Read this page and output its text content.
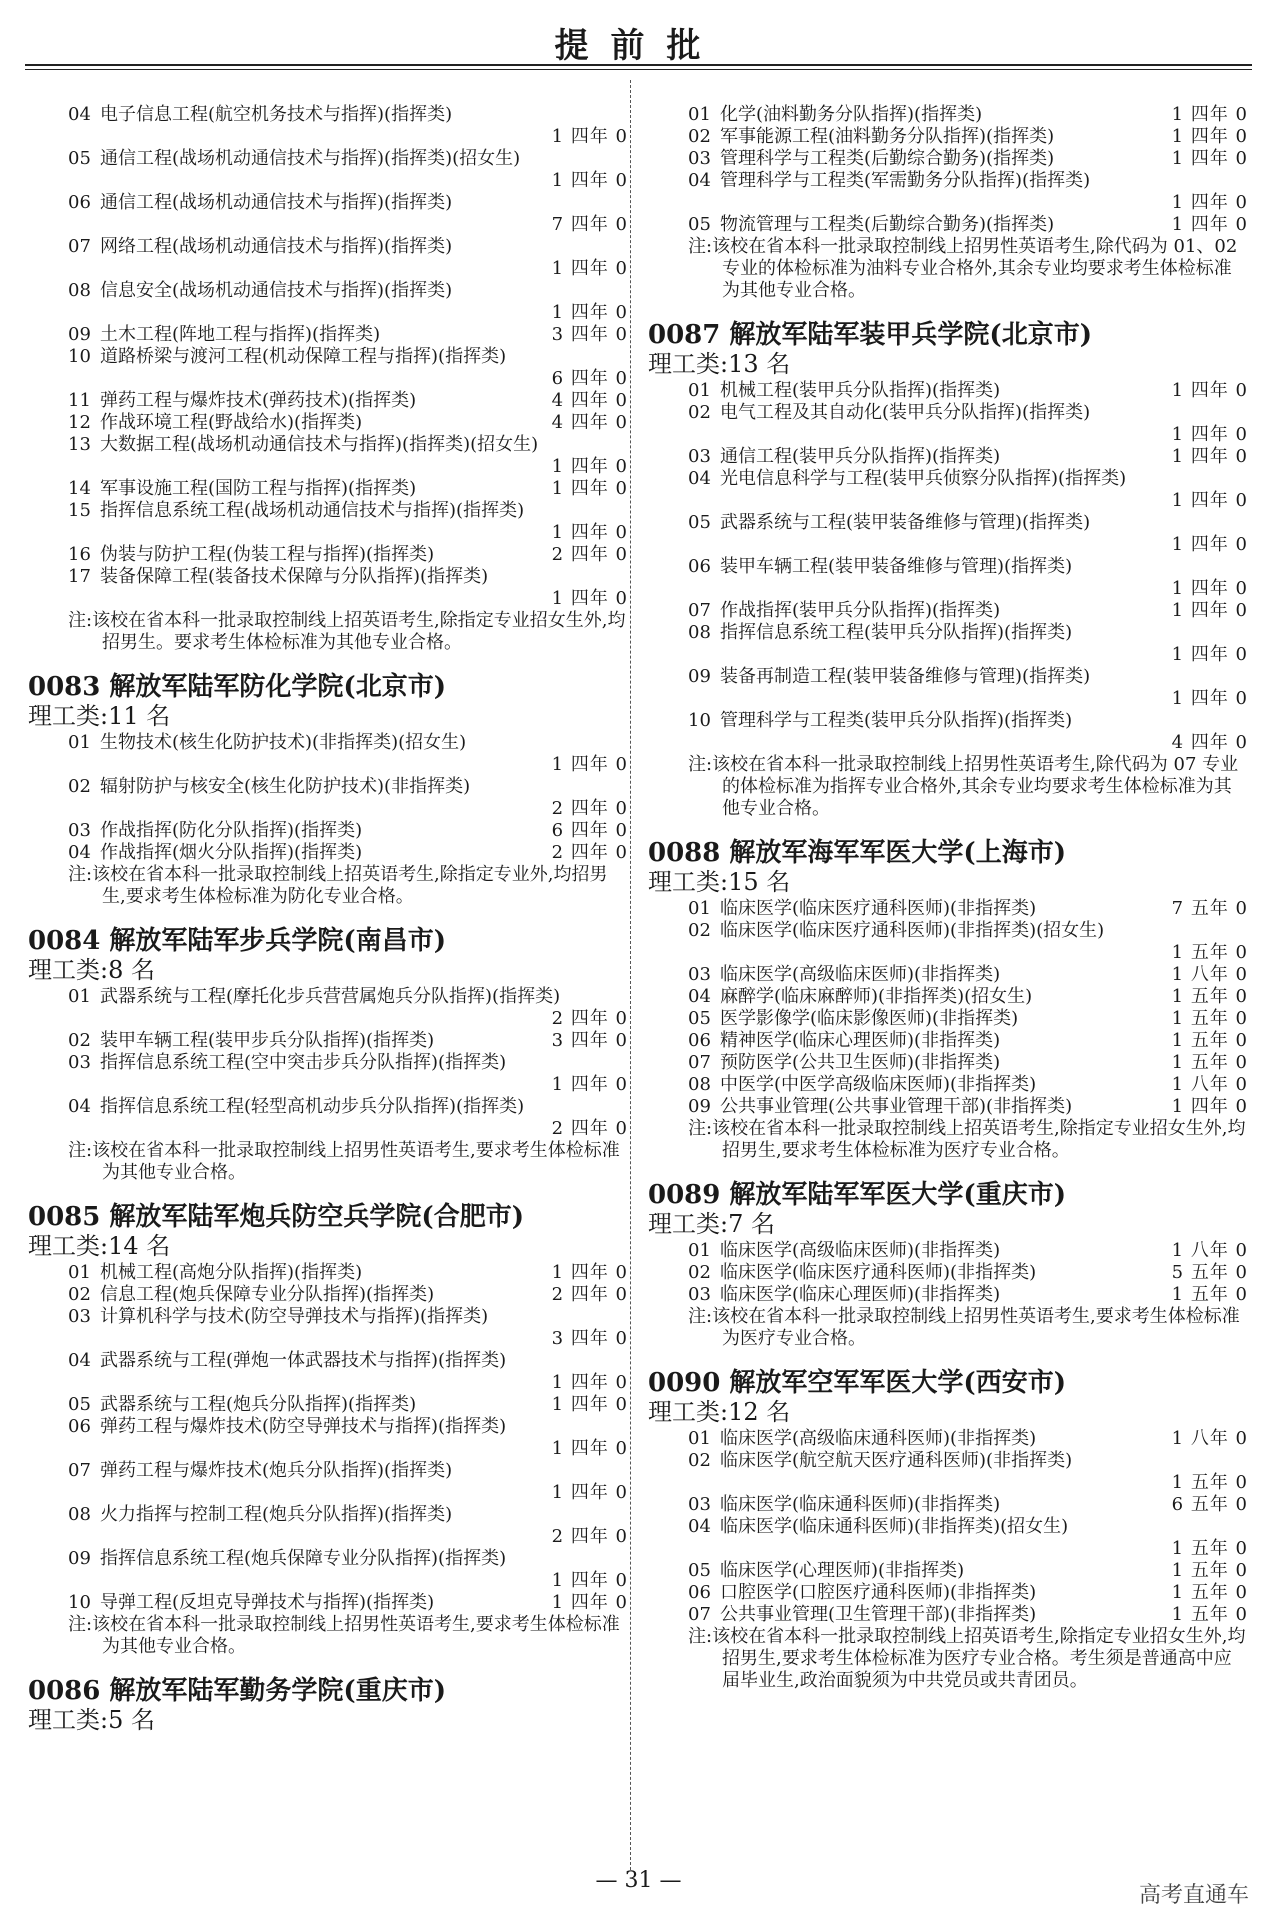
提前批
04 电子信息工程(航空机务技术与指挥)(指挥类)
1 四年 0
05 通信工程(战场机动通信技术与指挥)(指挥类)(招女生)
1 四年 0
06 通信工程(战场机动通信技术与指挥)(指挥类)
7 四年 0
07 网络工程(战场机动通信技术与指挥)(指挥类)
1 四年 0
08 信息安全(战场机动通信技术与指挥)(指挥类)
1 四年 0
09 土木工程(阵地工程与指挥)(指挥类)	3 四年 0
10 道路桥梁与渡河工程(机动保障工程与指挥)(指挥类)
6 四年 0
11 弹药工程与爆炸技术(弹药技术)(指挥类)	4 四年 0
12 作战环境工程(野战给水)(指挥类)	4 四年 0
13 大数据工程(战场机动通信技术与指挥)(指挥类)(招女生)
1 四年 0
14 军事设施工程(国防工程与指挥)(指挥类)	1 四年 0
15 指挥信息系统工程(战场机动通信技术与指挥)(指挥类)
1 四年 0
16 伪装与防护工程(伪装工程与指挥)(指挥类)	2 四年 0
17 装备保障工程(装备技术保障与分队指挥)(指挥类)
1 四年 0

注:该校在省本科一批录取控制线上招英语考生,除指定专业招女生外,均招男生。要求考生体检标准为其他专业合格。

0083 解放军陆军防化学院(北京市)
理工类:11 名
01 生物技术(核生化防护技术)(非指挥类)(招女生)
1 四年 0
02 辐射防护与核安全(核生化防护技术)(非指挥类)
2 四年 0
03 作战指挥(防化分队指挥)(指挥类)	6 四年 0
04 作战指挥(烟火分队指挥)(指挥类)	2 四年 0

注:该校在省本科一批录取控制线上招英语考生,除指定专业外,均招男生,要求考生体检标准为防化专业合格。

0084 解放军陆军步兵学院(南昌市)
理工类:8 名
01 武器系统与工程(摩托化步兵营营属炮兵分队指挥)(指挥类)
2 四年 0
02 装甲车辆工程(装甲步兵分队指挥)(指挥类)	3 四年 0
03 指挥信息系统工程(空中突击步兵分队指挥)(指挥类)
1 四年 0
04 指挥信息系统工程(轻型高机动步兵分队指挥)(指挥类)
2 四年 0

注:该校在省本科一批录取控制线上招男性英语考生,要求考生体检标准为其他专业合格。

0085 解放军陆军炮兵防空兵学院(合肥市)
理工类:14 名
01 机械工程(高炮分队指挥)(指挥类)	1 四年 0
02 信息工程(炮兵保障专业分队指挥)(指挥类)	2 四年 0
03 计算机科学与技术(防空导弹技术与指挥)(指挥类)
3 四年 0
04 武器系统与工程(弹炮一体武器技术与指挥)(指挥类)
1 四年 0
05 武器系统与工程(炮兵分队指挥)(指挥类)	1 四年 0
06 弹药工程与爆炸技术(防空导弹技术与指挥)(指挥类)
1 四年 0
07 弹药工程与爆炸技术(炮兵分队指挥)(指挥类)
1 四年 0
08 火力指挥与控制工程(炮兵分队指挥)(指挥类)
2 四年 0
09 指挥信息系统工程(炮兵保障专业分队指挥)(指挥类)
1 四年 0
10 导弹工程(反坦克导弹技术与指挥)(指挥类)	1 四年 0

注:该校在省本科一批录取控制线上招男性英语考生,要求考生体检标准为其他专业合格。

0086 解放军陆军勤务学院(重庆市)
理工类:5 名
01 化学(油料勤务分队指挥)(指挥类)	1 四年 0
02 军事能源工程(油料勤务分队指挥)(指挥类)	1 四年 0
03 管理科学与工程类(后勤综合勤务)(指挥类)	1 四年 0
04 管理科学与工程类(军需勤务分队指挥)(指挥类)
1 四年 0
05 物流管理与工程类(后勤综合勤务)(指挥类)	1 四年 0

注:该校在省本科一批录取控制线上招男性英语考生,除代码为 01、02 专业的体检标准为油料专业合格外,其余专业均要求考生体检标准为其他专业合格。

0087 解放军陆军装甲兵学院(北京市)
理工类:13 名
01 机械工程(装甲兵分队指挥)(指挥类)	1 四年 0
02 电气工程及其自动化(装甲兵分队指挥)(指挥类)
1 四年 0
03 通信工程(装甲兵分队指挥)(指挥类)	1 四年 0
04 光电信息科学与工程(装甲兵侦察分队指挥)(指挥类)
1 四年 0
05 武器系统与工程(装甲装备维修与管理)(指挥类)
1 四年 0
06 装甲车辆工程(装甲装备维修与管理)(指挥类)
1 四年 0
07 作战指挥(装甲兵分队指挥)(指挥类)	1 四年 0
08 指挥信息系统工程(装甲兵分队指挥)(指挥类)
1 四年 0
09 装备再制造工程(装甲装备维修与管理)(指挥类)
1 四年 0
10 管理科学与工程类(装甲兵分队指挥)(指挥类)
4 四年 0

注:该校在省本科一批录取控制线上招男性英语考生,除代码为 07 专业的体检标准为指挥专业合格外,其余专业均要求考生体检标准为其他专业合格。

0088 解放军海军军医大学(上海市)
理工类:15 名
01 临床医学(临床医疗通科医师)(非指挥类)	7 五年 0
02 临床医学(临床医疗通科医师)(非指挥类)(招女生)
1 五年 0
03 临床医学(高级临床医师)(非指挥类)	1 八年 0
04 麻醉学(临床麻醉师)(非指挥类)(招女生)	1 五年 0
05 医学影像学(临床影像医师)(非指挥类)	1 五年 0
06 精神医学(临床心理医师)(非指挥类)	1 五年 0
07 预防医学(公共卫生医师)(非指挥类)	1 五年 0
08 中医学(中医学高级临床医师)(非指挥类)	1 八年 0
09 公共事业管理(公共事业管理干部)(非指挥类)	1 四年 0

注:该校在省本科一批录取控制线上招英语考生,除指定专业招女生外,均招男生,要求考生体检标准为医疗专业合格。

0089 解放军陆军军医大学(重庆市)
理工类:7 名
01 临床医学(高级临床医师)(非指挥类)	1 八年 0
02 临床医学(临床医疗通科医师)(非指挥类)	5 五年 0
03 临床医学(临床心理医师)(非指挥类)	1 五年 0

注:该校在省本科一批录取控制线上招男性英语考生,要求考生体检标准为医疗专业合格。

0090 解放军空军军医大学(西安市)
理工类:12 名
01 临床医学(高级临床通科医师)(非指挥类)	1 八年 0
02 临床医学(航空航天医疗通科医师)(非指挥类)
1 五年 0
03 临床医学(临床通科医师)(非指挥类)	6 五年 0
04 临床医学(临床通科医师)(非指挥类)(招女生)
1 五年 0
05 临床医学(心理医师)(非指挥类)	1 五年 0
06 口腔医学(口腔医疗通科医师)(非指挥类)	1 五年 0
07 公共事业管理(卫生管理干部)(非指挥类)	1 五年 0

注:该校在省本科一批录取控制线上招英语考生,除指定专业招女生外,均招男生,要求考生体检标准为医疗专业合格。考生须是普通高中应届毕业生,政治面貌须为中共党员或共青团员。

— 31 —
高考直通车
